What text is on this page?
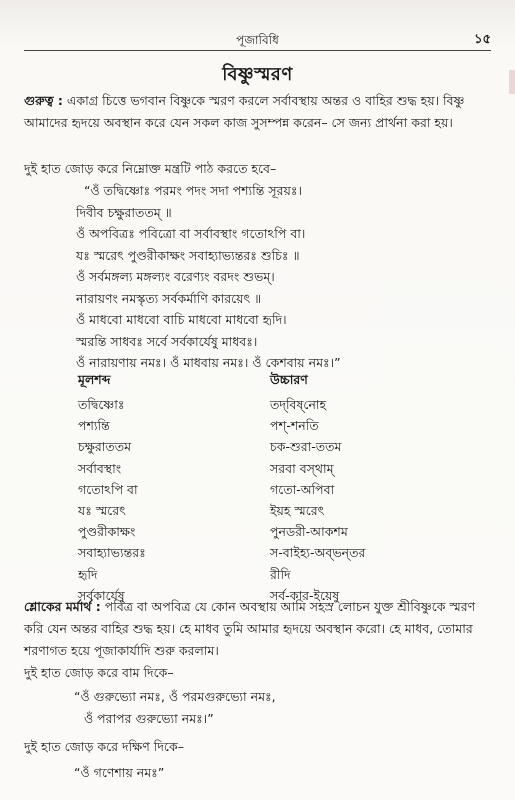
পূজাবিধি	১৫
বিষ্ণুস্মরণ
গুরুত্ব : একাগ্র চিত্তে ভগবান বিষ্ণুকে স্মরণ করলে সর্বাবস্থায় অন্তর ও বাহির শুদ্ধ হয়। বিষ্ণু আমাদের হৃদয়ে অবস্থান করে যেন সকল কাজ সুসম্পন্ন করেন– সে জন্য প্রার্থনা করা হয়।
দুই হাত জোড় করে নিম্নোক্ত মন্ত্রটি পাঠ করতে হবে–
“ওঁ তদ্বিষ্ণোঃ পরমং পদং সদা পশ্যন্তি সূরয়ঃ।
দিবীব চক্ষুরাততম্ ॥
ওঁ অপবিত্রঃ পবিত্রো বা সর্বাবস্থাং গতোঽপি বা।
যঃ স্মরেৎ পুণ্ডরীকাক্ষং সবাহ্যাভ্যন্তরঃ শুচিঃ ॥
ওঁ সর্বমঙ্গল্য মঙ্গল্যং বরেণ্যং বরদং শুভম্।
নারায়ণং নমস্কৃত্য সর্বকর্মাণি কারয়েৎ ॥
ওঁ মাধবো মাধবো বাচি মাধবো মাধবো হৃদি।
স্মরন্তি সাধবঃ সর্বে সর্বকার্যেষু মাধবঃ।
ওঁ নারায়ণায় নমঃ। ওঁ মাধবায় নমঃ। ওঁ কেশবায় নমঃ।”
মূলশব্দ	উচ্চারণ
তদ্বিষ্ণোঃ
পশ্যন্তি
চক্ষুরাততম
সর্বাবস্থাং
গতোঽপি বা
যঃ স্মরেৎ
পুণ্ডরীকাক্ষং
সবাহ্যাভ্যন্তরঃ
হৃদি
সর্বকার্যেষু
তদ্‌বিষ্‌নোহ
পশ্‌-শনতি
চক-শুরা-ততম
সরবা বস্‌থাম্‌
গতো-অপিবা
ইয়হ স্মরেৎ
পুনডরী-আকশম
স-বাইহ্য-অব্‌ভন্‌তর
রীদি
সর্ব-কার-ইয়েষু
শ্লোকের মর্মার্থ : পবিত্র বা অপবিত্র যে কোন অবস্থায় আমি সহস্র লোচন যুক্ত শ্রীবিষ্ণুকে স্মরণ করি যেন অন্তর বাহির শুদ্ধ হয়। হে মাধব তুমি আমার হৃদয়ে অবস্থান করো। হে মাধব, তোমার শরণাগত হয়ে পূজাকার্যাদি শুরু করলাম।
দুই হাত জোড় করে বাম দিকে–
“ওঁ গুরুভ্যো নমঃ, ওঁ পরমগুরুভ্যো নমঃ,
ওঁ পরাপর গুরুভ্যো নমঃ।”
দুই হাত জোড় করে দক্ষিণ দিকে–
“ওঁ গণেশায় নমঃ”
